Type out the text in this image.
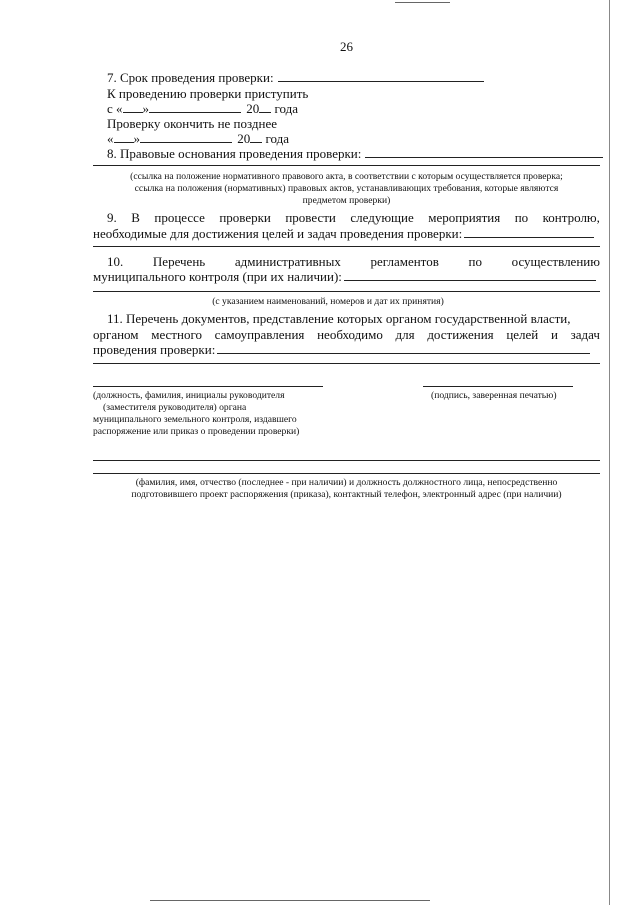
26
7. Срок проведения проверки:
К проведению проверки приступить
с « »	20 года
Проверку окончить не позднее
« »	20 года
8. Правовые основания проведения проверки:
(ссылка на положение нормативного правового акта, в соответствии с которым осуществляется проверка;
ссылка на положения (нормативных) правовых актов, устанавливающих требования, которые являются
предметом проверки)
9. В процессе проверки провести следующие мероприятия по контролю,
необходимые для достижения целей и задач проведения проверки:
10. Перечень административных регламентов по осуществлению
муниципального контроля (при их наличии):
(с указанием наименований, номеров и дат их принятия)
11. Перечень документов, представление которых органом государственной власти,
органом местного самоуправления необходимо для достижения целей и задач
проведения проверки:
(должность, фамилия, инициалы руководителя	(подпись, заверенная печатью)
(заместителя руководителя) органа
муниципального земельного контроля, издавшего
распоряжение или приказ о проведении проверки)
(фамилия, имя, отчество (последнее - при наличии) и должность должностного лица, непосредственно
подготовившего проект распоряжения (приказа), контактный телефон, электронный адрес (при наличии)
